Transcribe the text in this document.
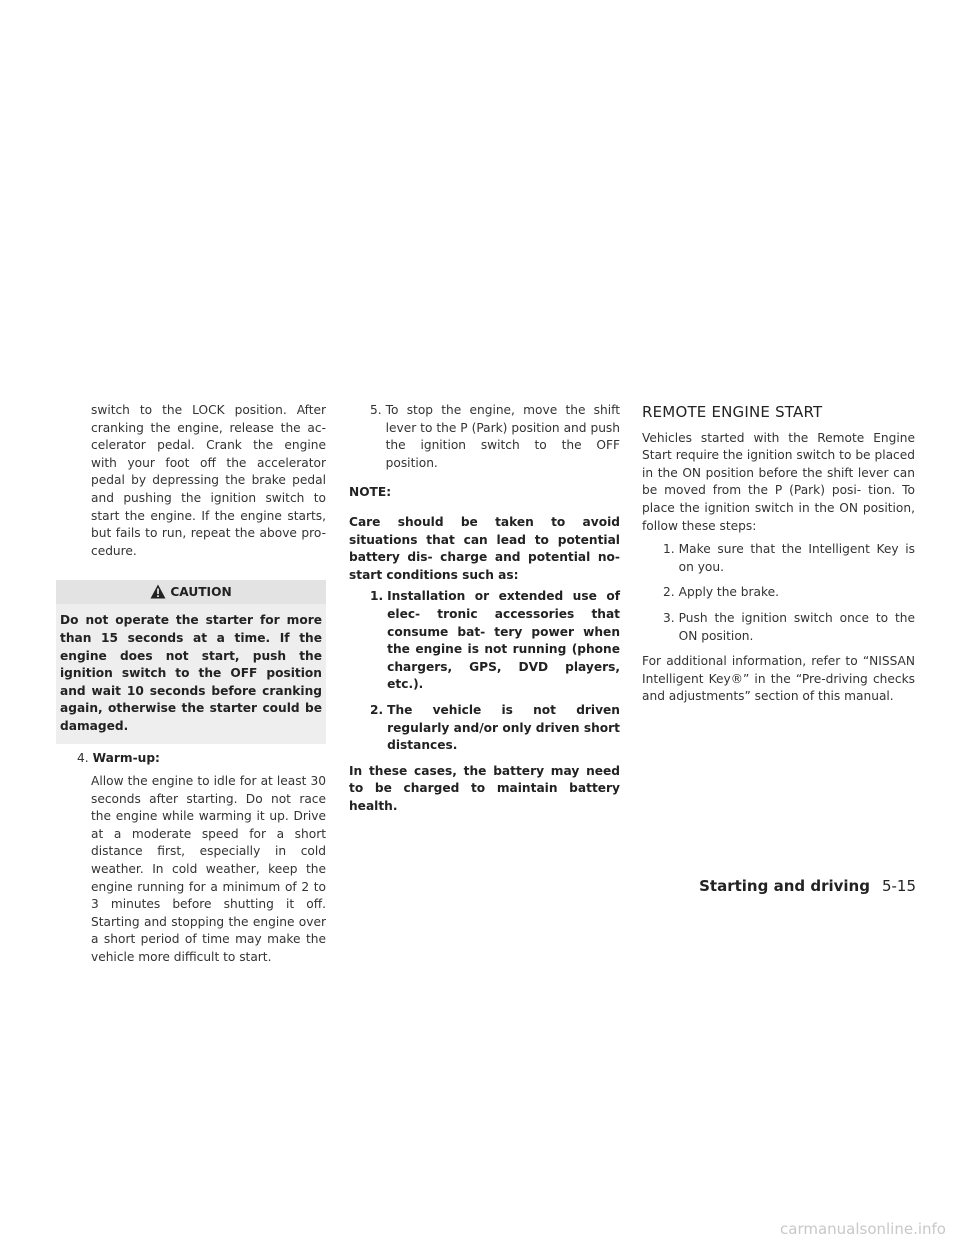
switch to the LOCK position. After cranking the engine, release the ac- celerator pedal. Crank the engine with your foot off the accelerator pedal by depressing the brake pedal and pushing the ignition switch to start the engine. If the engine starts, but fails to run, repeat the above pro- cedure.

CAUTION
Do not operate the starter for more than 15 seconds at a time. If the engine does not start, push the ignition switch to the OFF position and wait 10 seconds before cranking again, otherwise the starter could be damaged.
4. Warm-up:

Allow the engine to idle for at least 30 seconds after starting. Do not race the engine while warming it up. Drive at a moderate speed for a short distance first, especially in cold weather. In cold weather, keep the engine running for a minimum of 2 to 3 minutes before shutting it off. Starting and stopping the engine over a short period of time may make the vehicle more difficult to start.

5. To stop the engine, move the shift lever to the P (Park) position and push the ignition switch to the OFF position.

NOTE:

Care should be taken to avoid situations that can lead to potential battery dis- charge and potential no-start conditions such as:

1. Installation or extended use of elec- tronic accessories that consume bat- tery power when the engine is not running (phone chargers, GPS, DVD players, etc.).
2. The vehicle is not driven regularly and/or only driven short distances.

In these cases, the battery may need to be charged to maintain battery health.

REMOTE ENGINE START

Vehicles started with the Remote Engine Start require the ignition switch to be placed in the ON position before the shift lever can be moved from the P (Park) posi- tion. To place the ignition switch in the ON position, follow these steps:

1. Make sure that the Intelligent Key is on you.
2. Apply the brake.
3. Push the ignition switch once to the ON position.

For additional information, refer to “NISSAN Intelligent Key®” in the “Pre-driving checks and adjustments” section of this manual.

Starting and driving 5-15
carmanualsonline.info
